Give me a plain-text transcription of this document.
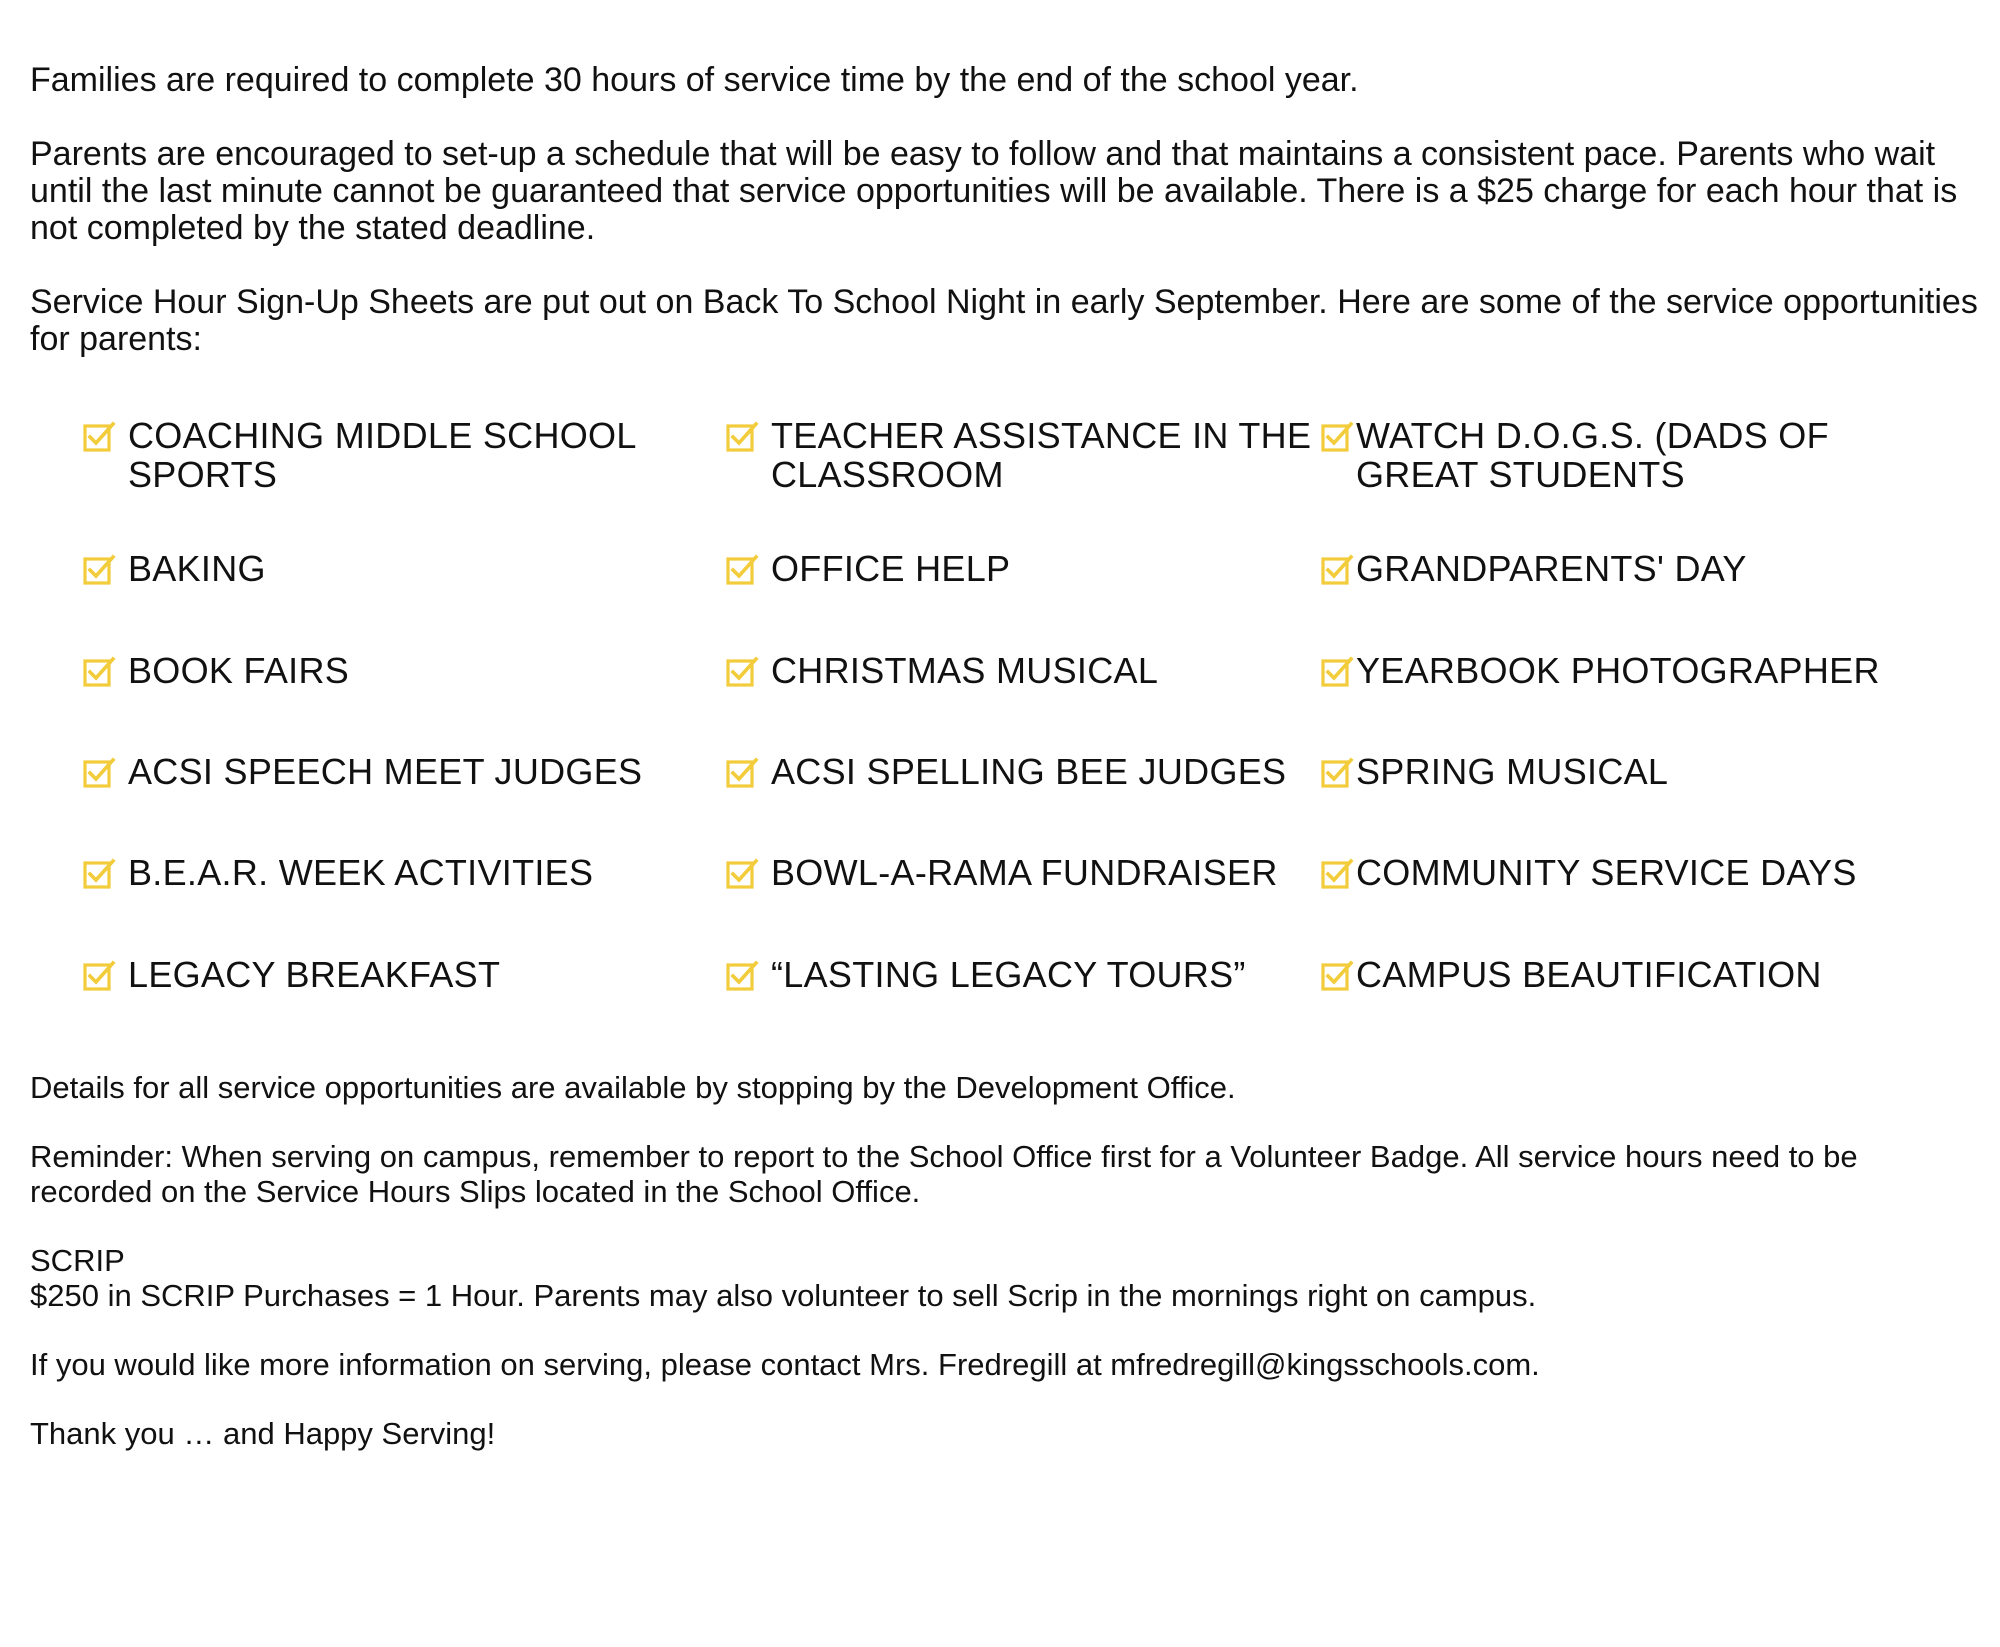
Families are required to complete 30 hours of service time by the end of the school year.

Parents are encouraged to set-up a schedule that will be easy to follow and that maintains a consistent pace. Parents who wait until the last minute cannot be guaranteed that service opportunities will be available. There is a $25 charge for each hour that is not completed by the stated deadline.

Service Hour Sign-Up Sheets are put out on Back To School Night in early September. Here are some of the service opportunities for parents:

COACHING MIDDLE SCHOOL SPORTS
BAKING
BOOK FAIRS
ACSI SPEECH MEET JUDGES
B.E.A.R. WEEK ACTIVITIES
LEGACY BREAKFAST
TEACHER ASSISTANCE IN THE CLASSROOM
OFFICE HELP
CHRISTMAS MUSICAL
ACSI SPELLING BEE JUDGES
BOWL-A-RAMA FUNDRAISER
“LASTING LEGACY TOURS”
WATCH D.O.G.S. (DADS OF GREAT STUDENTS
GRANDPARENTS' DAY
YEARBOOK PHOTOGRAPHER
SPRING MUSICAL
COMMUNITY SERVICE DAYS
CAMPUS BEAUTIFICATION

Details for all service opportunities are available by stopping by the Development Office.

Reminder: When serving on campus, remember to report to the School Office first for a Volunteer Badge. All service hours need to be recorded on the Service Hours Slips located in the School Office.

SCRIP
$250 in SCRIP Purchases = 1 Hour. Parents may also volunteer to sell Scrip in the mornings right on campus.

If you would like more information on serving, please contact Mrs. Fredregill at mfredregill@kingsschools.com.

Thank you … and Happy Serving!
